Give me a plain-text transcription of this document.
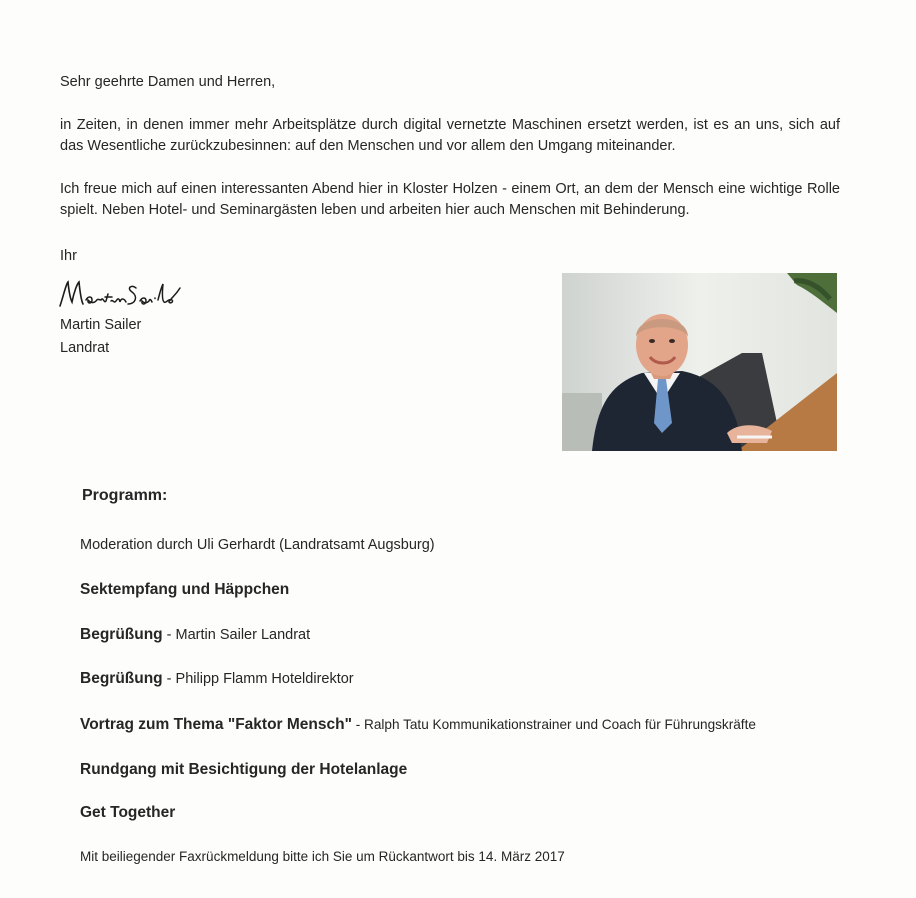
Sehr geehrte Damen und Herren,

in Zeiten, in denen immer mehr Arbeitsplätze durch digital vernetzte Maschinen ersetzt werden, ist es an uns, sich auf das Wesentliche zurückzubesinnen: auf den Menschen und vor allem den Umgang miteinander.

Ich freue mich auf einen interessanten Abend hier in Kloster Holzen - einem Ort, an dem der Mensch eine wichtige Rolle spielt. Neben Hotel- und Seminargästen leben und arbeiten hier auch Menschen mit Behinderung.

Ihr
Martin Sailer
Landrat
Programm:
Moderation durch Uli Gerhardt (Landratsamt Augsburg)
Sektempfang und Häppchen
Begrüßung - Martin Sailer Landrat
Begrüßung - Philipp Flamm Hoteldirektor
Vortrag zum Thema "Faktor Mensch" - Ralph Tatu Kommunikationstrainer und Coach für Führungskräfte
Rundgang mit Besichtigung der Hotelanlage
Get Together
Mit beiliegender Faxrückmeldung bitte ich Sie um Rückantwort bis 14. März 2017
